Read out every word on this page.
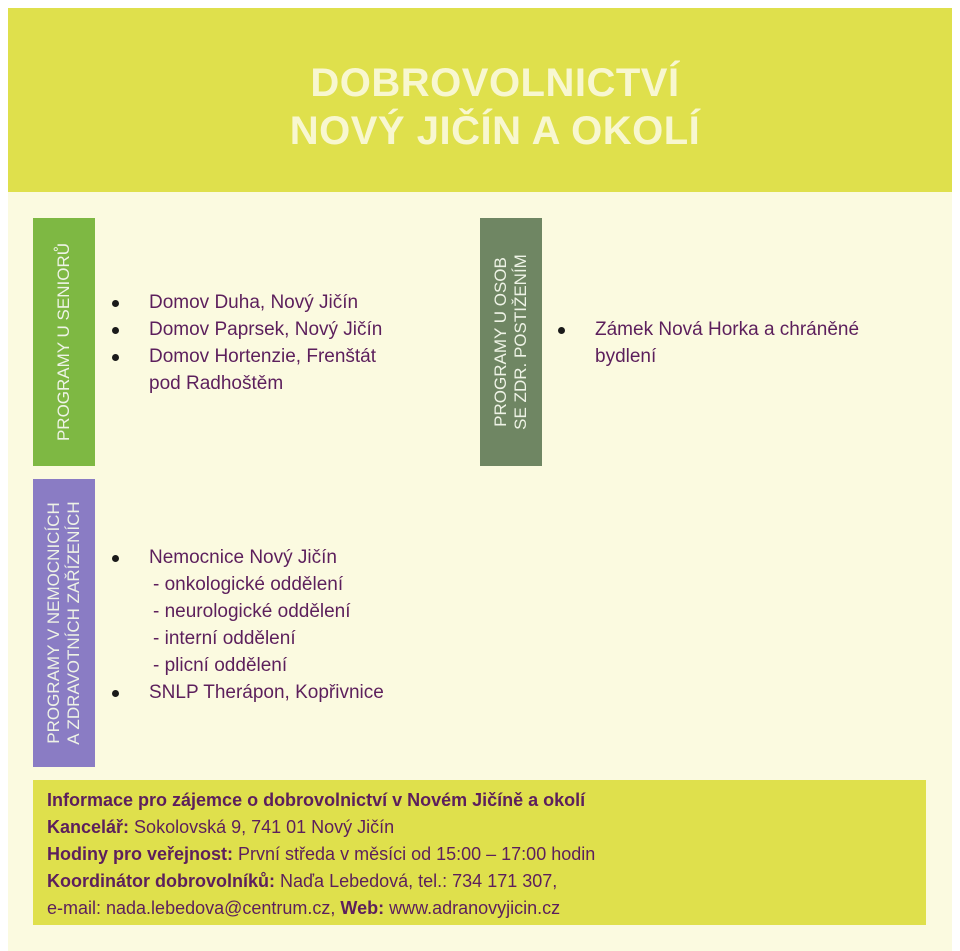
DOBROVOLNICTVÍ
NOVÝ JIČÍN A OKOLÍ
PROGRAMY U SENIORŮ	Domov Duha, Nový Jičín
Domov Paprsek, Nový Jičín
Domov Hortenzie, Frenštát
pod Radhoštěm	PROGRAMY U OSOB SE ZDR. POSTIŽENÍM	Zámek Nová Horka a chráněné
bydlení
PROGRAMY V NEMOCNICÍCH A ZDRAVOTNÍCH ZAŘÍZENÍCH	Nemocnice Nový Jičín
- onkologické oddělení
- neurologické oddělení
- interní oddělení
- plicní oddělení
SNLP Therápon, Kopřivnice
Informace pro zájemce o dobrovolnictví v Novém Jičíně a okolí
Kancelář: Sokolovská 9, 741 01 Nový Jičín
Hodiny pro veřejnost: První středa v měsíci od 15:00 – 17:00 hodin
Koordinátor dobrovolníků: Naďa Lebedová, tel.: 734 171 307,
e-mail: nada.lebedova@centrum.cz, Web: www.adranovyjicin.cz
